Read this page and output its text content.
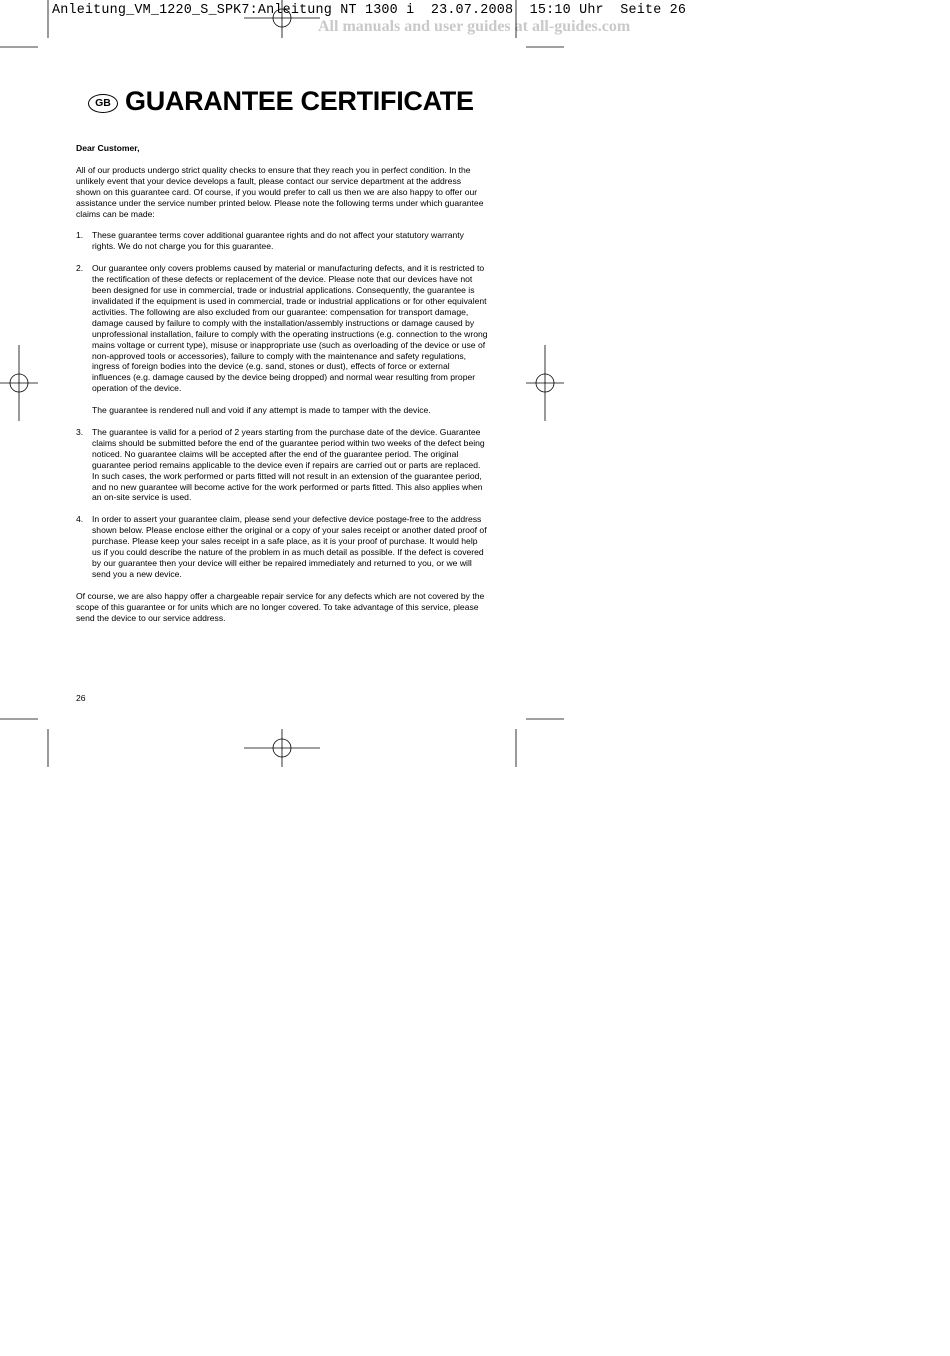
Anleitung_VM_1220_S_SPK7:Anleitung NT 1300 i  23.07.2008  15:10 Uhr  Seite 26
All manuals and user guides at all-guides.com
GB GUARANTEE CERTIFICATE

Dear Customer,

All of our products undergo strict quality checks to ensure that they reach you in perfect condition. In the unlikely event that your device develops a fault, please contact our service department at the address shown on this guarantee card. Of course, if you would prefer to call us then we are also happy to offer our assistance under the service number printed below. Please note the following terms under which guarantee claims can be made:

1.	These guarantee terms cover additional guarantee rights and do not affect your statutory warranty rights. We do not charge you for this guarantee.

2.	Our guarantee only covers problems caused by material or manufacturing defects, and it is restricted to the rectification of these defects or replacement of the device. Please note that our devices have not been designed for use in commercial, trade or industrial applications. Consequently, the guarantee is invalidated if the equipment is used in commercial, trade or industrial applications or for other equivalent activities. The following are also excluded from our guarantee: compensation for transport damage, damage caused by failure to comply with the installation/assembly instructions or damage caused by unprofessional installation, failure to comply with the operating instructions (e.g. connection to the wrong mains voltage or current type), misuse or inappropriate use (such as overloading of the device or use of non-approved tools or accessories), failure to comply with the maintenance and safety regulations, ingress of foreign bodies into the device (e.g. sand, stones or dust), effects of force or external influences (e.g. damage caused by the device being dropped) and normal wear resulting from proper operation of the device.

The guarantee is rendered null and void if any attempt is made to tamper with the device.

3.	The guarantee is valid for a period of 2 years starting from the purchase date of the device. Guarantee claims should be submitted before the end of the guarantee period within two weeks of the defect being noticed. No guarantee claims will be accepted after the end of the guarantee period. The original guarantee period remains applicable to the device even if repairs are carried out or parts are replaced. In such cases, the work performed or parts fitted will not result in an extension of the guarantee period, and no new guarantee will become active for the work performed or parts fitted. This also applies when an on-site service is used.

4.	In order to assert your guarantee claim, please send your defective device postage-free to the address shown below. Please enclose either the original or a copy of your sales receipt or another dated proof of purchase. Please keep your sales receipt in a safe place, as it is your proof of purchase. It would help us if you could describe the nature of the problem in as much detail as possible. If the defect is covered by our guarantee then your device will either be repaired immediately and returned to you, or we will send you a new device.

Of course, we are also happy offer a chargeable repair service for any defects which are not covered by the scope of this guarantee or for units which are no longer covered. To take advantage of this service, please send the device to our service address.

26
